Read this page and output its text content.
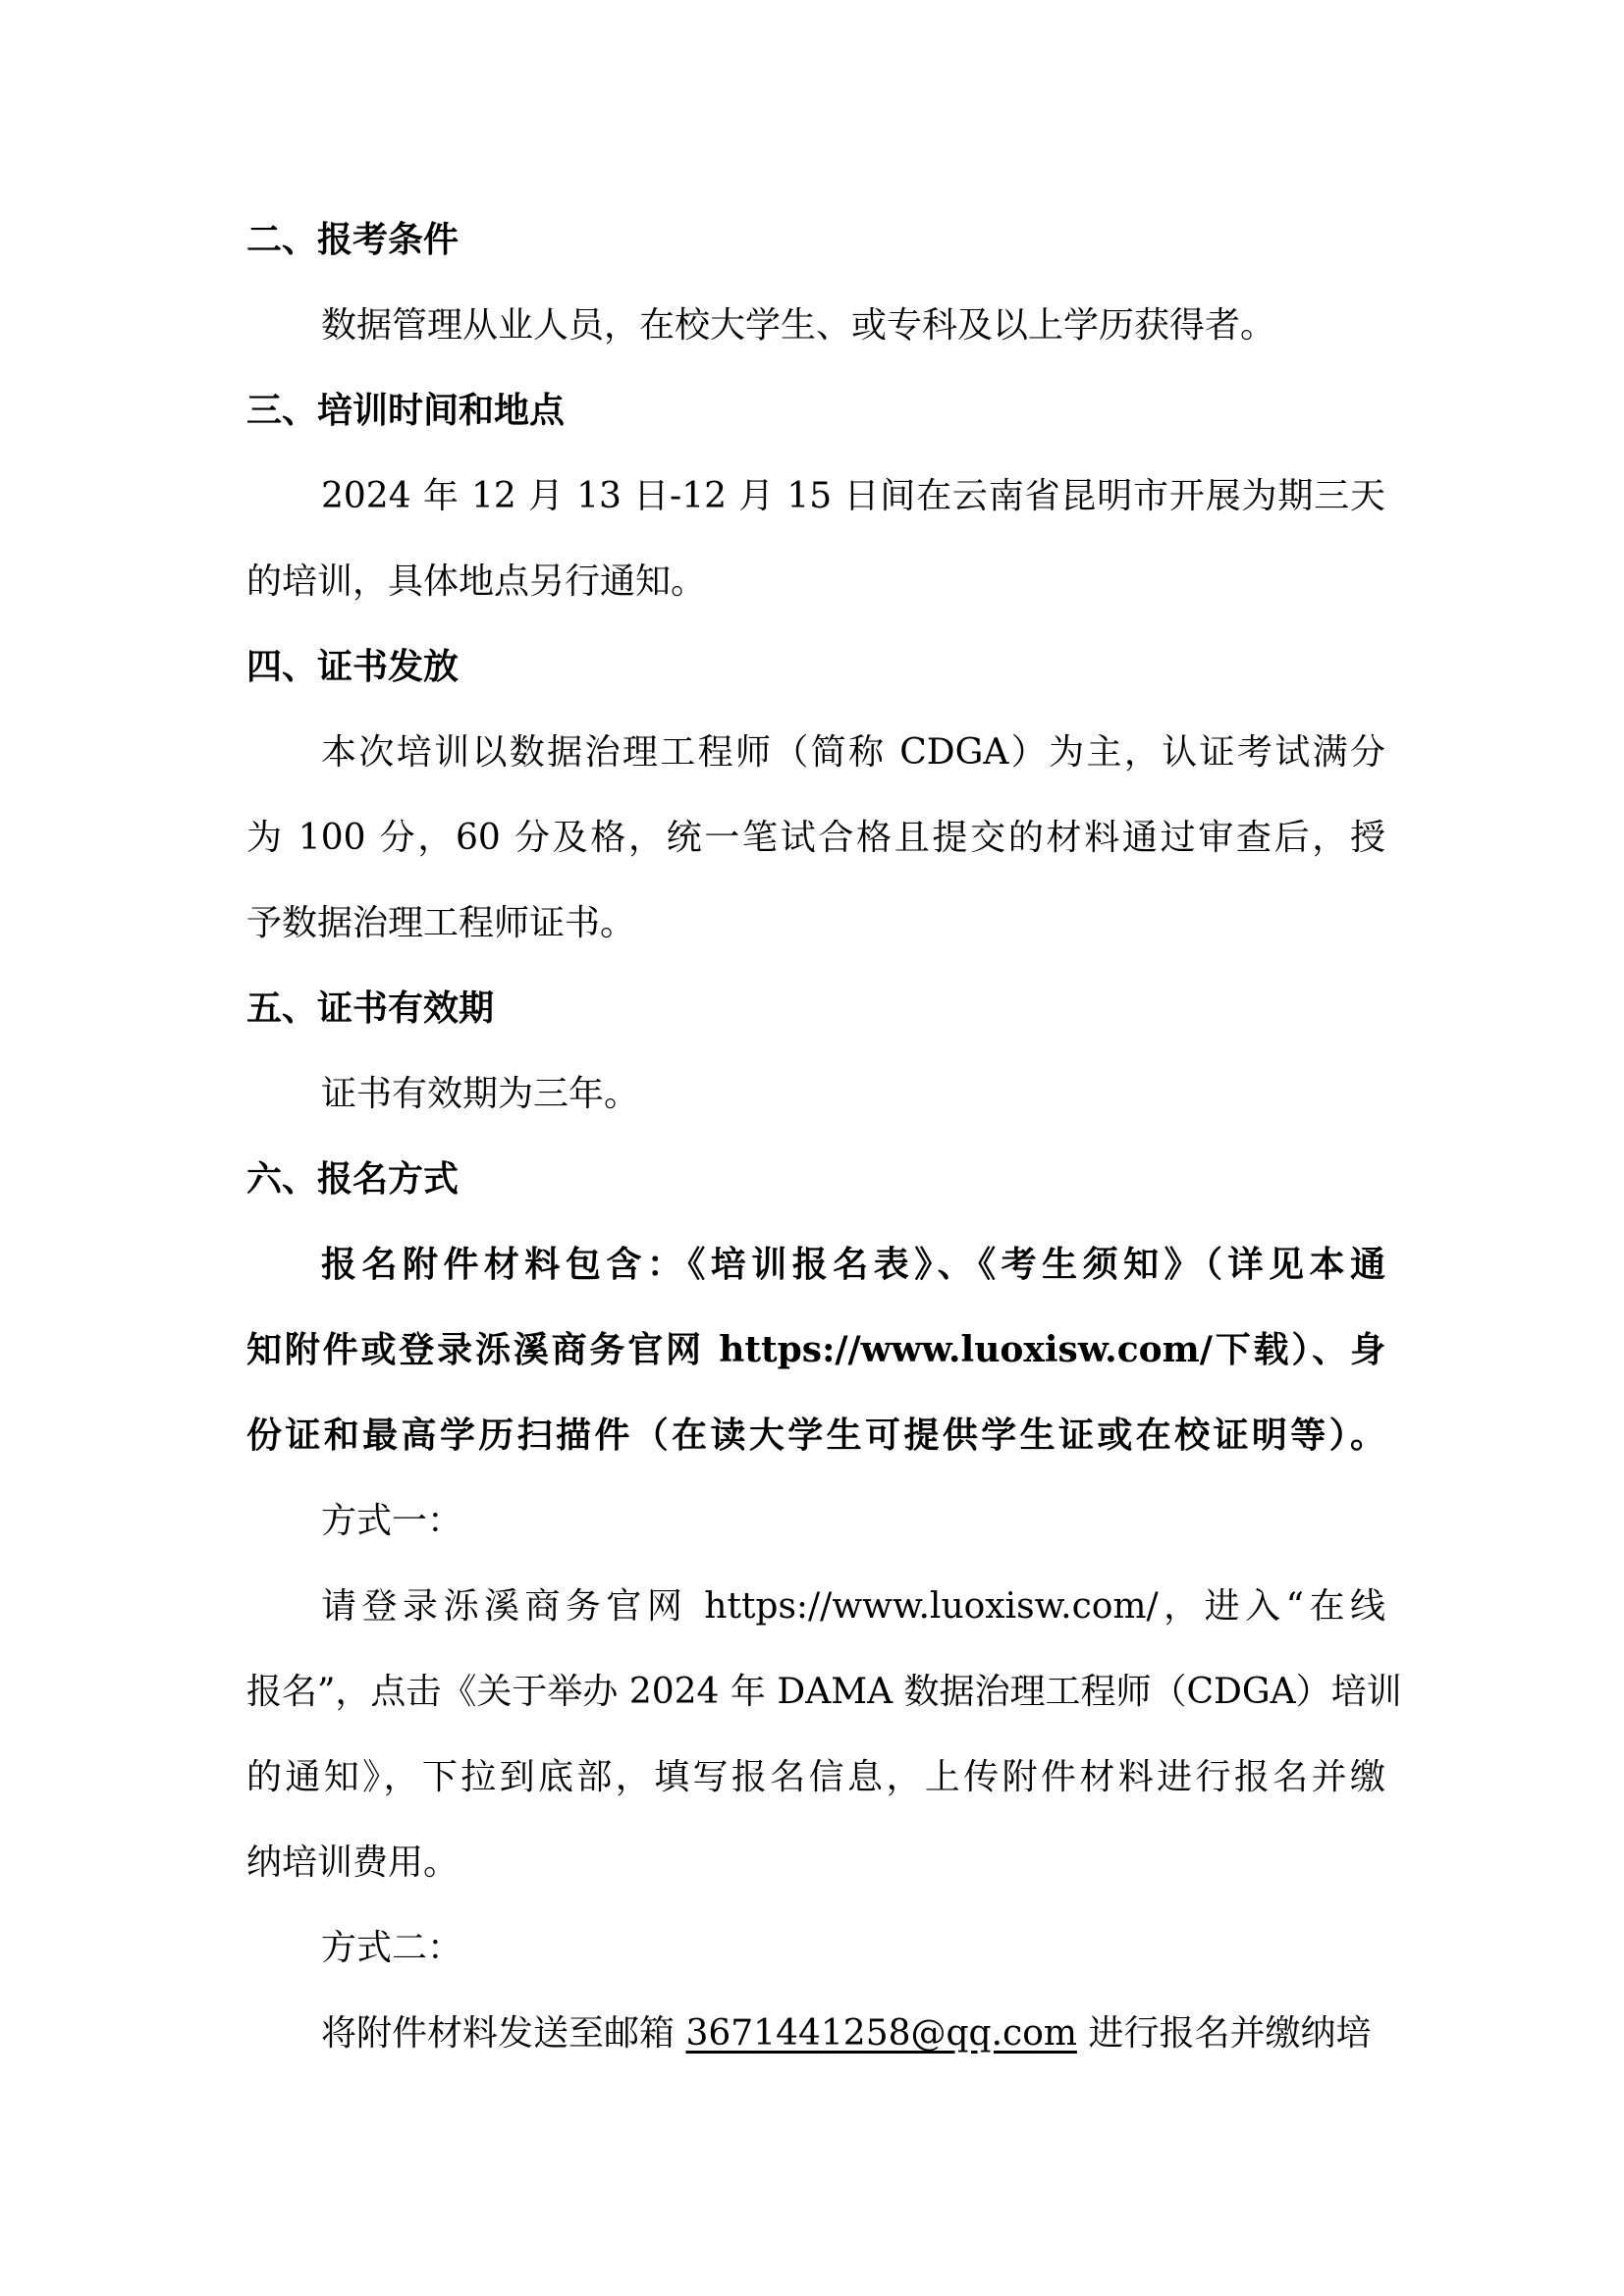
二、报考条件
数据管理从业人员，在校大学生、或专科及以上学历获得者。
三、培训时间和地点
2024 年 12 月 13 日-12 月 15 日间在云南省昆明市开展为期三天
的培训，具体地点另行通知。
四、证书发放
本次培训以数据治理工程师（简称 CDGA）为主，认证考试满分
为 100 分，60 分及格，统一笔试合格且提交的材料通过审查后，授
予数据治理工程师证书。
五、证书有效期
证书有效期为三年。
六、报名方式
报名附件材料包含：《培训报名表》、《考生须知》（详见本通
知附件或登录泺溪商务官网 https://www.luoxisw.com/下载）、身
份证和最高学历扫描件（在读大学生可提供学生证或在校证明等）。
方式一：
请登录泺溪商务官网 https://www.luoxisw.com/，进入“在线
报名”，点击《关于举办 2024 年 DAMA 数据治理工程师（CDGA）培训
的通知》，下拉到底部，填写报名信息，上传附件材料进行报名并缴
纳培训费用。
方式二：
将附件材料发送至邮箱 3671441258@qq.com 进行报名并缴纳培
